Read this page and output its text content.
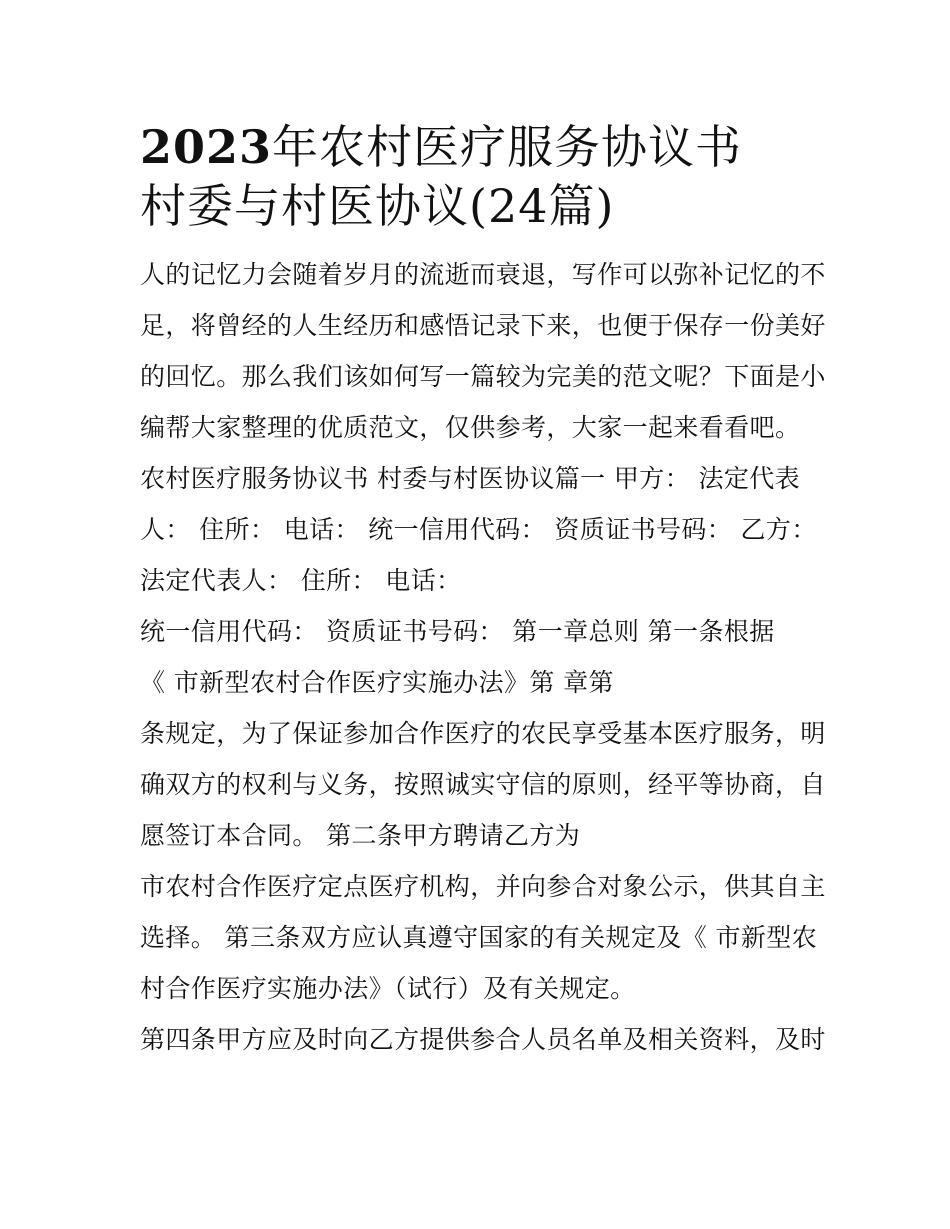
2023年农村医疗服务协议书
村委与村医协议(24篇)
人的记忆力会随着岁月的流逝而衰退，写作可以弥补记忆的不
足，将曾经的人生经历和感悟记录下来，也便于保存一份美好
的回忆。那么我们该如何写一篇较为完美的范文呢？下面是小
编帮大家整理的优质范文，仅供参考，大家一起来看看吧。
农村医疗服务协议书 村委与村医协议篇一 甲方： 法定代表
人： 住所： 电话： 统一信用代码： 资质证书号码： 乙方：
法定代表人： 住所： 电话：
统一信用代码： 资质证书号码： 第一章总则 第一条根据
《 市新型农村合作医疗实施办法》第 章第
条规定，为了保证参加合作医疗的农民享受基本医疗服务，明
确双方的权利与义务，按照诚实守信的原则，经平等协商，自
愿签订本合同。 第二条甲方聘请乙方为
市农村合作医疗定点医疗机构，并向参合对象公示，供其自主
选择。 第三条双方应认真遵守国家的有关规定及《 市新型农
村合作医疗实施办法》（试行）及有关规定。
第四条甲方应及时向乙方提供参合人员名单及相关资料，及时
